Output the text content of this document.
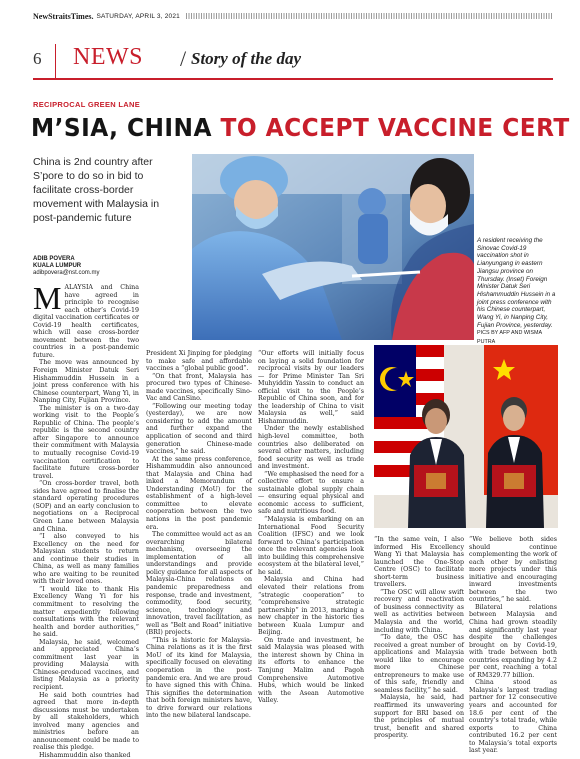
NewStraitsTimes. SATURDAY, APRIL 3, 2021
6 NEWS / Story of the day
RECIPROCAL GREEN LANE
M’SIA, CHINA TO ACCEPT VACCINE CERT
China is 2nd country after S’pore to do so in bid to facilitate cross-border movement with Malaysia in post-pandemic future
ADIB POVERA
KUALA LUMPUR
adibpovera@nst.com.my
A resident receiving the Sinovac Covid-19 vaccination shot in Lianyungang in eastern Jiangsu province on Thursday. (Inset) Foreign Minister Datuk Seri Hishammuddin Hussein in a joint press conference with his Chinese counterpart, Wang Yi, in Nanping City, Fujian Province, yesterday. PICS BY AFP AND WISMA PUTRA

MALAYSIA and China have agreed in principle to recognise each other’s Covid-19 digital vaccination certificates or Covid-19 health certificates, which will ease cross-border movement between the two countries in a post-pandemic future.

The move was announced by Foreign Minister Datuk Seri Hishammuddin Hussein in a joint press conference with his Chinese counterpart, Wang Yi, in Nanping City, Fujian Province.

The minister is on a two-day working visit to the People’s Republic of China. The people’s republic is the second country after Singapore to announce their commitment with Malaysia to mutually recognise Covid-19 vaccination certification to facilitate future cross-border travel.

“On cross-border travel, both sides have agreed to finalise the standard operating procedures (SOP) and an early conclusion to negotiations on a Reciprocal Green Lane between Malaysia and China.

“I also conveyed to his Excellency on the need for Malaysian students to return and continue their studies in China, as well as many families who are waiting to be reunited with their loved ones.

“I would like to thank His Excellency Wang Yi for his commitment to resolving the matter expediently following consultations with the relevant health and border authorities,” he said.

Malaysia, he said, welcomed and appreciated China’s commitment last year in providing Malaysia with Chinese-produced vaccines, and listing Malaysia as a priority recipient.

He said both countries had agreed that more in-depth discussions must be undertaken by all stakeholders, which involved many agencies and ministries before an announcement could be made to realise this pledge.

Hishammuddin also thanked

President Xi Jinping for pledging to make safe and affordable vaccines a “global public good”.

“On that front, Malaysia has procured two types of Chinese-made vaccines, specifically Sino-Vac and CanSino.

“Following our meeting today (yesterday), we are now considering to add the amount and further expand the application of second and third generation Chinese-made vaccines,” he said.

At the same press conference, Hishammuddin also announced that Malaysia and China had inked a Memorandum of Understanding (MoU) for the establishment of a high-level committee to elevate cooperation between the two nations in the post pandemic era.

The committee would act as an overarching bilateral mechanism, overseeing the implementation of all understandings and provide policy guidance for all aspects of Malaysia-China relations on pandemic preparedness and response, trade and investment, commodity, food security, science, technology and innovation, travel facilitation, as well as “Belt and Road” initiative (BRI) projects.

“This is historic for Malaysia-China relations as it is the first MoU of its kind for Malaysia, specifically focused on elevating cooperation in the post-pandemic era. And we are proud to have signed this with China. This signifies the determination that both foreign ministers have, to drive forward our relations into the new bilateral landscape.

“Our efforts will initially focus on laying a solid foundation for reciprocal visits by our leaders — for Prime Minister Tan Sri Muhyiddin Yassin to conduct an official visit to the People’s Republic of China soon, and for the leadership of China to visit Malaysia as well,” said Hishammuddin.

Under the newly established high-level committee, both countries also deliberated on several other matters, including food security as well as trade and investment.

“We emphasised the need for a collective effort to ensure a sustainable global supply chain — ensuring equal physical and economic access to sufficient, safe and nutritious food.

“Malaysia is embarking on an International Food Security Coalition (IFSC) and we look forward to China’s participation once the relevant agencies look into building this comprehensive ecosystem at the bilateral level,” he said.

Malaysia and China had elevated their relations from “strategic cooperation” to “comprehensive strategic partnership” in 2013, marking a new chapter in the historic ties between Kuala Lumpur and Beijing.

On trade and investment, he said Malaysia was pleased with the interest shown by China in its efforts to enhance the Tanjung Malim and Pagoh Comprehensive Automotive Hubs, which would be linked with the Asean Automotive Valley.

“In the same vein, I also informed His Excellency Wang Yi that Malaysia has launched the One-Stop Centre (OSC) to facilitate short-term business travellers.

“The OSC will allow swift recovery and reactivation of business connectivity as well as activities between Malaysia and the world, including with China.

“To date, the OSC has received a great number of applications and Malaysia would like to encourage more Chinese entrepreneurs to make use of this safe, friendly and seamless facility,” he said.

Malaysia, he said, had reaffirmed its unwavering support for BRI based on the principles of mutual trust, benefit and shared prosperity.

“We believe both sides should continue complementing the work of each other by enlisting more projects under this initiative and encouraging inward investments between the two countries,” he said.

Bilateral relations between Malaysia and China had grown steadily and significantly last year despite the challenges brought on by Covid-19, with trade between both countries expanding by 4.2 per cent, reaching a total of RM329.77 billion.

China stood as Malaysia’s largest trading partner for 12 consecutive years and accounted for 18.6 per cent of the country’s total trade, while exports to China contributed 16.2 per cent to Malaysia’s total exports last year.
